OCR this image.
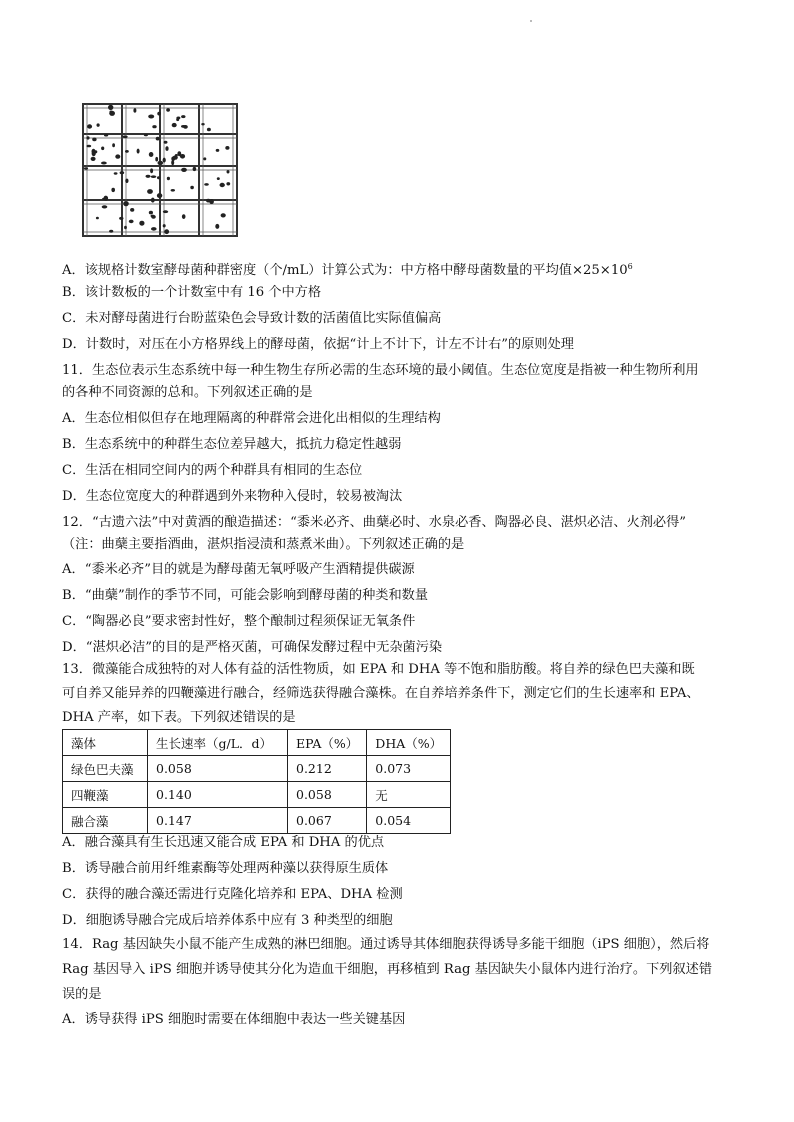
A．该规格计数室酵母菌种群密度（个/mL）计算公式为：中方格中酵母菌数量的平均值$\times 25\times 10^6$
B．该计数板的一个计数室中有 16 个中方格
C．未对酵母菌进行台盼蓝染色会导致计数的活菌值比实际值偏高
D．计数时，对压在小方格界线上的酵母菌，依据“计上不计下，计左不计右”的原则处理
11．生态位表示生态系统中每一种生物生存所必需的生态环境的最小阈值。生态位宽度是指被一种生物所利用
的各种不同资源的总和。下列叙述正确的是
A．生态位相似但存在地理隔离的种群常会进化出相似的生理结构
B．生态系统中的种群生态位差异越大，抵抗力稳定性越弱
C．生活在相同空间内的两个种群具有相同的生态位
D．生态位宽度大的种群遇到外来物种入侵时，较易被淘汰
12．“古遗六法”中对黄酒的酿造描述：“黍米必齐、曲蘖必时、水泉必香、陶器必良、湛炽必洁、火剂必得”
（注：曲蘖主要指酒曲，湛炽指浸渍和蒸煮米曲）。下列叙述正确的是
A．“黍米必齐”目的就是为酵母菌无氧呼吸产生酒精提供碳源
B．“曲蘖”制作的季节不同，可能会影响到酵母菌的种类和数量
C．“陶器必良”要求密封性好，整个酿制过程须保证无氧条件
D．“湛炽必洁”的目的是严格灭菌，可确保发酵过程中无杂菌污染
13．微藻能合成独特的对人体有益的活性物质，如 EPA 和 DHA 等不饱和脂肪酸。将自养的绿色巴夫藻和既
可自养又能异养的四鞭藻进行融合，经筛选获得融合藻株。在自养培养条件下，测定它们的生长速率和 EPA、
DHA 产率，如下表。下列叙述错误的是
藻体	生长速率（g/L．d）	EPA（%）	DHA（%）
绿色巴夫藻	0.058	0.212	0.073
四鞭藻	0.140	0.058	无
融合藻	0.147	0.067	0.054
A．融合藻具有生长迅速又能合成 EPA 和 DHA 的优点
B．诱导融合前用纤维素酶等处理两种藻以获得原生质体
C．获得的融合藻还需进行克隆化培养和 EPA、DHA 检测
D．细胞诱导融合完成后培养体系中应有 3 种类型的细胞
14．Rag 基因缺失小鼠不能产生成熟的淋巴细胞。通过诱导其体细胞获得诱导多能干细胞（iPS 细胞），然后将
Rag 基因导入 iPS 细胞并诱导使其分化为造血干细胞，再移植到 Rag 基因缺失小鼠体内进行治疗。下列叙述错
误的是
A．诱导获得 iPS 细胞时需要在体细胞中表达一些关键基因
